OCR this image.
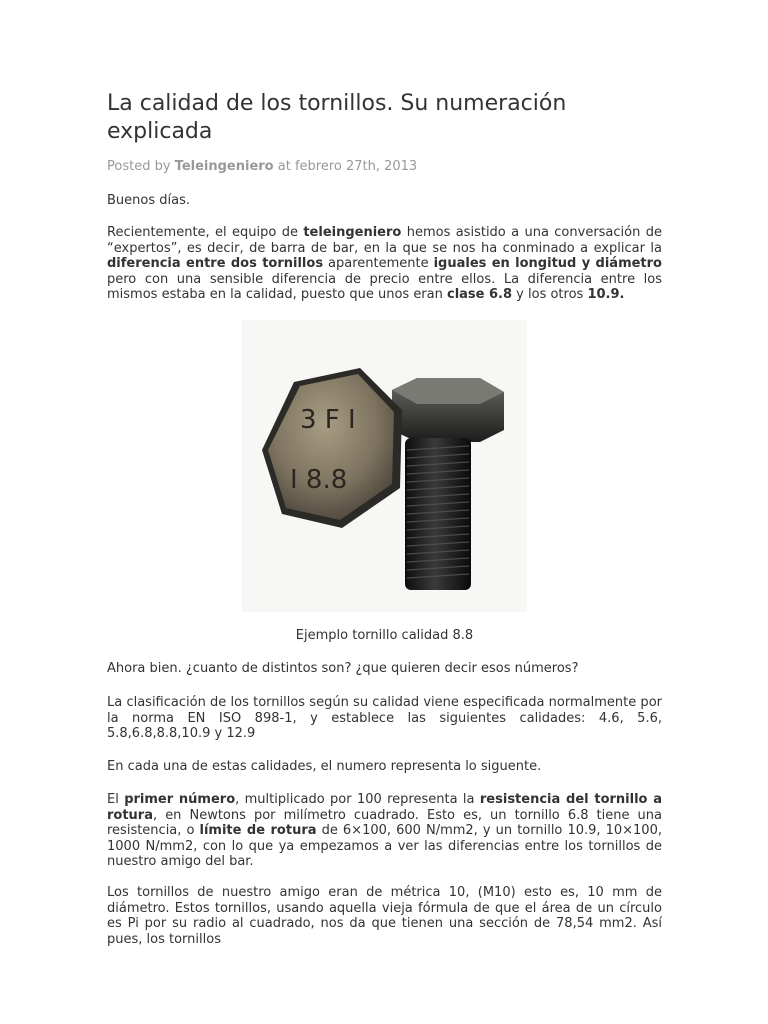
La calidad de los tornillos. Su numeración explicada
Posted by Teleingeniero at febrero 27th, 2013

Buenos días.

Recientemente, el equipo de teleingeniero hemos asistido a una conversación de “expertos”, es decir, de barra de bar, en la que se nos ha conminado a explicar la diferencia entre dos tornillos aparentemente iguales en longitud y diámetro pero con una sensible diferencia de precio entre ellos. La diferencia entre los mismos estaba en la calidad, puesto que unos eran clase 6.8 y los otros 10.9.

3 F I
I 8.8
Ejemplo tornillo calidad 8.8

Ahora bien. ¿cuanto de distintos son? ¿que quieren decir esos números?

La clasificación de los tornillos según su calidad viene especificada normalmente por la norma EN ISO 898-1, y establece las siguientes calidades: 4.6, 5.6, 5.8,6.8,8.8,10.9 y 12.9

En cada una de estas calidades, el numero representa lo siguente.

El primer número, multiplicado por 100 representa la resistencia del tornillo a rotura, en Newtons por milímetro cuadrado. Esto es, un tornillo 6.8 tiene una resistencia, o límite de rotura de 6×100, 600 N/mm2, y un tornillo 10.9, 10×100, 1000 N/mm2, con lo que ya empezamos a ver las diferencias entre los tornillos de nuestro amigo del bar.

Los tornillos de nuestro amigo eran de métrica 10, (M10) esto es, 10 mm de diámetro. Estos tornillos, usando aquella vieja fórmula de que el área de un círculo es Pi por su radio al cuadrado, nos da que tienen una sección de 78,54 mm2. Así pues, los tornillos
